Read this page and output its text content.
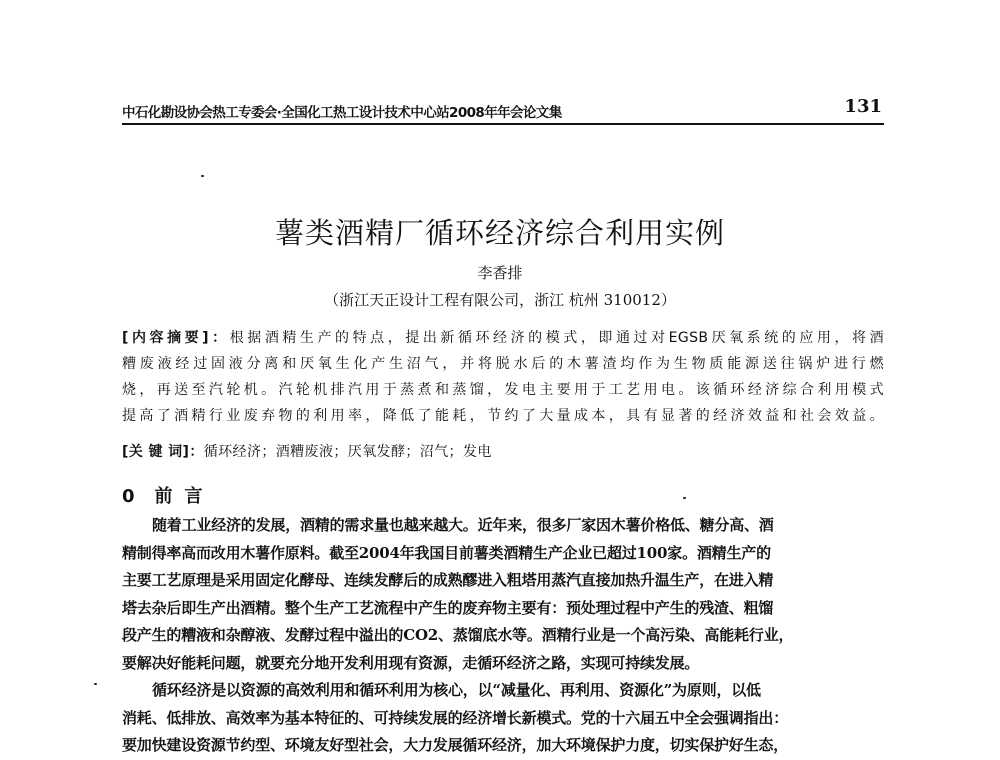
中石化勘设协会热工专委会·全国化工热工设计技术中心站2008年年会论文集	131
薯类酒精厂循环经济综合利用实例
李香排
（浙江天正设计工程有限公司，浙江 杭州 310012）
[内容摘要]：根据酒精生产的特点，提出新循环经济的模式，即通过对EGSB厌氧系统的应用，将酒
糟废液经过固液分离和厌氧生化产生沼气，并将脱水后的木薯渣均作为生物质能源送往锅炉进行燃
烧，再送至汽轮机。汽轮机排汽用于蒸煮和蒸馏，发电主要用于工艺用电。该循环经济综合利用模式
提高了酒精行业废弃物的利用率，降低了能耗，节约了大量成本，具有显著的经济效益和社会效益。
[关 键 词]：循环经济；酒糟废液；厌氧发酵；沼气；发电
0 前言
随着工业经济的发展，酒精的需求量也越来越大。近年来，很多厂家因木薯价格低、糖分高、酒
精制得率高而改用木薯作原料。截至2004年我国目前薯类酒精生产企业已超过100家。酒精生产的
主要工艺原理是采用固定化酵母、连续发酵后的成熟醪进入粗塔用蒸汽直接加热升温生产，在进入精
塔去杂后即生产出酒精。整个生产工艺流程中产生的废弃物主要有：预处理过程中产生的残渣、粗馏
段产生的糟液和杂醇液、发酵过程中溢出的CO2、蒸馏底水等。酒精行业是一个高污染、高能耗行业，
要解决好能耗问题，就要充分地开发利用现有资源，走循环经济之路，实现可持续发展。
循环经济是以资源的高效利用和循环利用为核心，以“减量化、再利用、资源化”为原则，以低
消耗、低排放、高效率为基本特征的、可持续发展的经济增长新模式。党的十六届五中全会强调指出：
要加快建设资源节约型、环境友好型社会，大力发展循环经济，加大环境保护力度，切实保护好生态，
